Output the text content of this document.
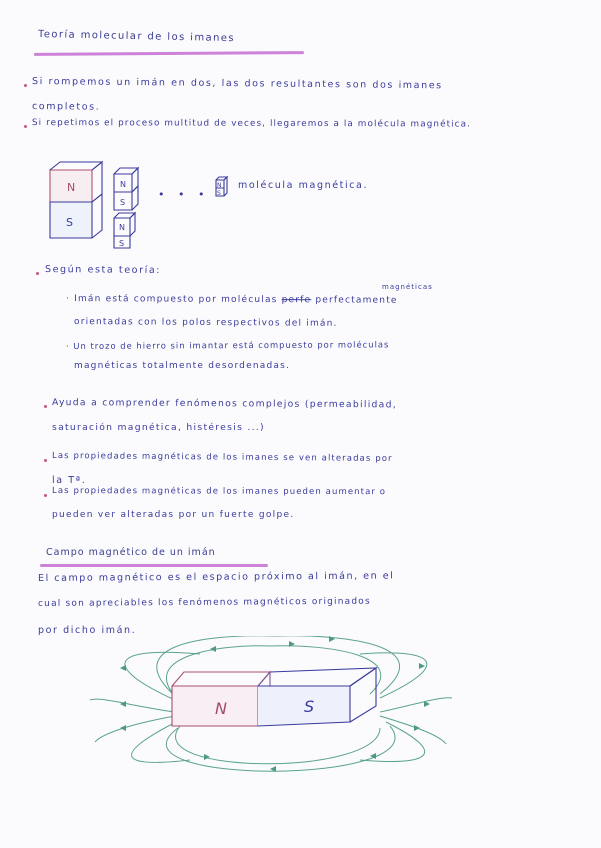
Teoría molecular de los imanes
Si rompemos un imán en dos, las dos resultantes son dos imanes
completos.
Si repetimos el proceso multitud de veces, llegaremos a la molécula magnética.
N
S
N
S
N
S
N
S
• • •
molécula magnética.
Según esta teoría:
· Imán está compuesto por moléculas perfe perfectamente
magnéticas
orientadas con los polos respectivos del imán.
· Un trozo de hierro sin imantar está compuesto por moléculas
magnéticas totalmente desordenadas.
Ayuda a comprender fenómenos complejos (permeabilidad,
saturación magnética, histéresis ...)
Las propiedades magnéticas de los imanes se ven alteradas por
la Tª.
Las propiedades magnéticas de los imanes pueden aumentar o
pueden ver alteradas por un fuerte golpe.
Campo magnético de un imán
El campo magnético es el espacio próximo al imán, en el
cual son apreciables los fenómenos magnéticos originados
por dicho imán.
N	S
